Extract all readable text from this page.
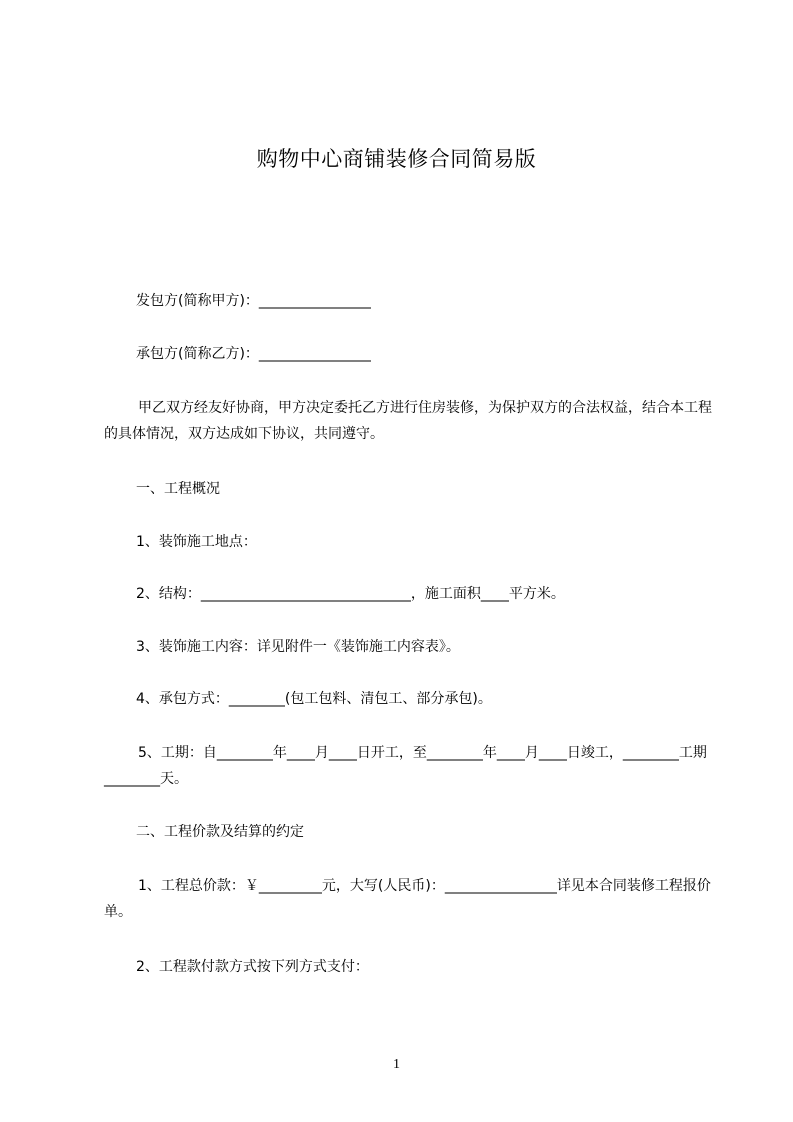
购物中心商铺装修合同简易版

发包方(简称甲方)：________________

承包方(简称乙方)：________________

甲乙双方经友好协商，甲方决定委托乙方进行住房装修，为保护双方的合法权益，结合本工程的具体情况，双方达成如下协议，共同遵守。

一、工程概况

1、装饰施工地点：

2、结构：______________________________，施工面积____平方米。

3、装饰施工内容：详见附件一《装饰施工内容表》。

4、承包方式：________(包工包料、清包工、部分承包)。

5、工期：自________年____月____日开工，至________年____月____日竣工，________工期________天。

二、工程价款及结算的约定

1、工程总价款：￥_________元，大写(人民币)：________________详见本合同装修工程报价单。

2、工程款付款方式按下列方式支付：

1
